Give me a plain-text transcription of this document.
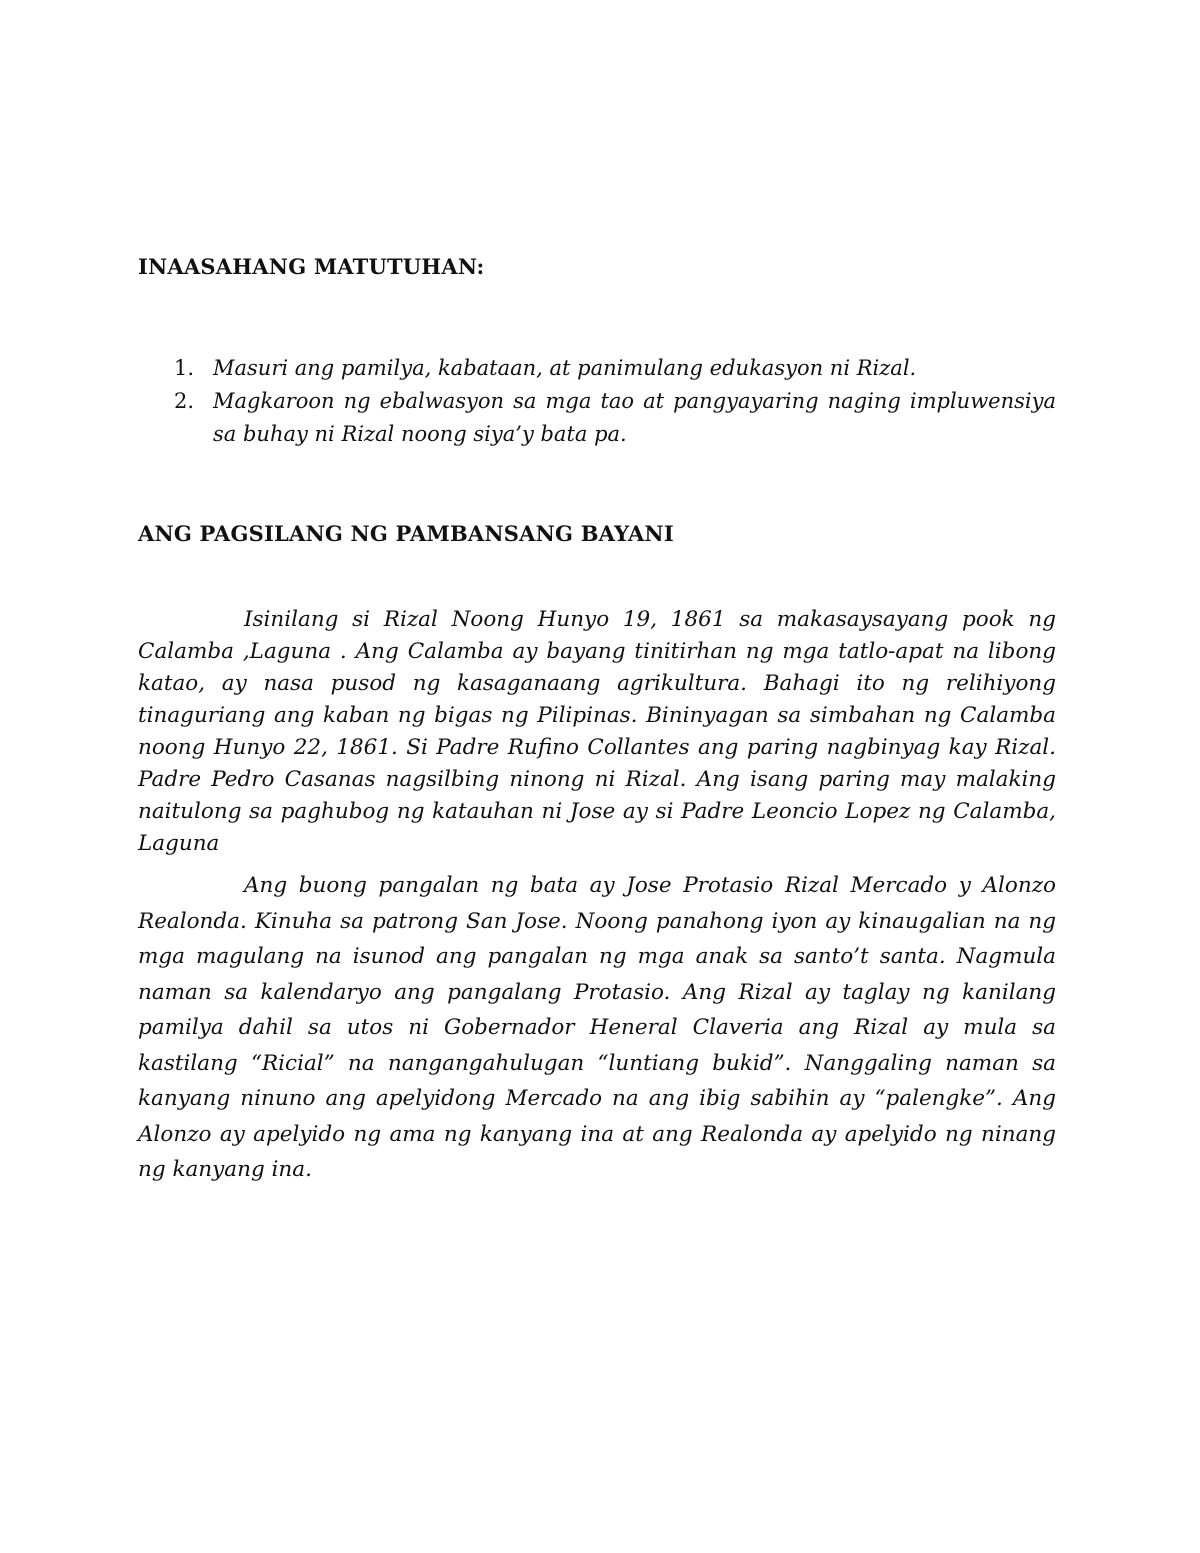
INAASAHANG MATUTUHAN:
1. Masuri ang pamilya, kabataan, at panimulang edukasyon ni Rizal.
2. Magkaroon ng ebalwasyon sa mga tao at pangyayaring naging impluwensiya sa buhay ni Rizal noong siya’y bata pa.
ANG PAGSILANG NG PAMBANSANG BAYANI

Isinilang si Rizal Noong Hunyo 19, 1861 sa makasaysayang pook ng Calamba ,Laguna . Ang Calamba ay bayang tinitirhan ng mga tatlo-apat na libong katao, ay nasa pusod ng kasaganaang agrikultura. Bahagi ito ng relihiyong tinaguriang ang kaban ng bigas ng Pilipinas. Bininyagan sa simbahan ng Calamba noong Hunyo 22, 1861. Si Padre Rufino Collantes ang paring nagbinyag kay Rizal. Padre Pedro Casanas nagsilbing ninong ni Rizal. Ang isang paring may malaking naitulong sa paghubog ng katauhan ni Jose ay si Padre Leoncio Lopez ng Calamba, Laguna

Ang buong pangalan ng bata ay Jose Protasio Rizal Mercado y Alonzo Realonda. Kinuha sa patrong San Jose. Noong panahong iyon ay kinaugalian na ng mga magulang na isunod ang pangalan ng mga anak sa santo’t santa. Nagmula naman sa kalendaryo ang pangalang Protasio. Ang Rizal ay taglay ng kanilang pamilya dahil sa utos ni Gobernador Heneral Claveria ang Rizal ay mula sa kastilang “Ricial” na nangangahulugan “luntiang bukid”. Nanggaling naman sa kanyang ninuno ang apelyidong Mercado na ang ibig sabihin ay “palengke”. Ang Alonzo ay apelyido ng ama ng kanyang ina at ang Realonda ay apelyido ng ninang ng kanyang ina.
